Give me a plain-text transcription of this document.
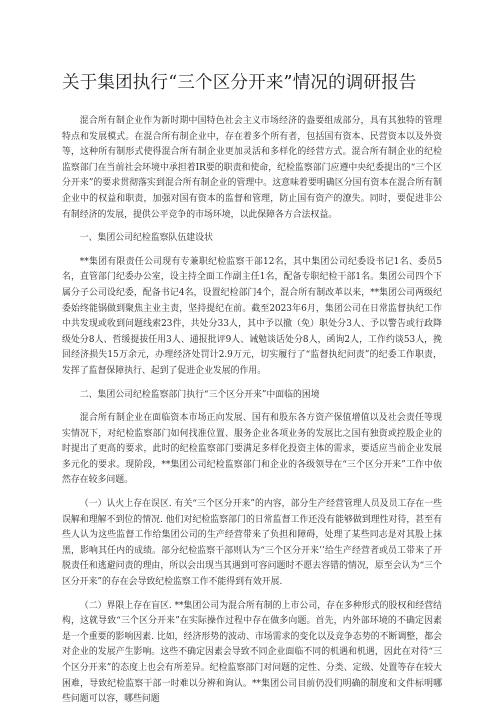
关于集团执行“三个区分开来”情况的调研报告

混合所有制企业作为新时期中国特色社会主义市场经济的盎要组成部分，具有其独特的管理特点和发展模式。在混合所有制企业中，存在着多个所有者，包括国有资本、民营资本以及外资等，这种所有制形式使得混合所有制企业更加灵活和多样化的经营方式。混合所有制企业的纪检监察部门在当前社会环境中承担着IR要的职责和使命，纪检监察部门应遵中央纪委提出的“三个区分开来”的要求贯彻落实到混合所有制企业的管理中。这意味着要明确区分国有资本在混合所有制企业中的权益和职责，加强对国有资本的监督和管理，防止国有资产的潦失。同时，要促进非公有制经济的发展，提供公平竞争的市场环境，以此保障各方合法权益。

一、集团公司纪检监察队伍建设状

**集团有限责任公司现有专兼职纪检监察干部12名，其中集团公司纪委设书记1名、委员5名，直管部门纪委办公室，设主持全面工作副主任1名，配备专职纪检干部1名。集团公司四个下属分子公司设纪委，配备书记4名，设置纪检部门4个，混合所有制改革以来，**集团公司两级纪委始终能锅做到聚焦主业主责，坚持提纪在前。截至2023年6月，集团公司在日常监督执纪工作中共发现或收到问题线索23件，共处分33人，其中予以撤（免）职处分3人、予以警告或行政降级处分8人、哲缓提拔任用3人、通报批评9人、诫勉谈话处分8人，函询2人，工作约谈53人，挽回经济损失15万余元，办理经济处罚计2.9万元，切实履行了“监督执纪问责”的纪委工作职责，发挥了监督保障执行、起到了促进企业发展的作用。

二、集团公司纪检监察部门执行“三个区分开来”中面临的困境

混合所有制企业在面临资本市场正向发展、国有和股东各方资产保值增值以及社会责任等现实情况下，对纪检监察部门如何找准位置、服务企业各项业务的发展比之国有独资或控股企业的时提出了更高的要求，此时的纪检监察部门要满足多样化投资主体的需求，要适应当前企业发展多元化的要求。现阶段，**集团公司纪检监察部门和企业的各级领导在“三个区分开来”工作中依然存在较多问题。

（一）认火上存在误区. 有关“三个区分开来”的内容，部分生产经营管理人员及员工存在一些误解和理解不到位的情况. 他们对纪检监察部门的日常监督工作还没有能够做到理性对待，甚至有些人认为这些监督工作给集团公司的生产经营带来了负担和障碍，处理了某些同志是对其股上抹黑，影响其任内的成绩。部分纪检监察干部则认为“三个区分开来’’给生产经营者或员工带来了开脱责任和逃避问责的理由，所以会出现当其遇到可容问题时不愿去容错的情况，原至会认为“三个区分开来”的存在会导致纪检监察工作不能得到有效开展.

（二）界限上存在盲区. **集团公司为混合所有制的上市公司，存在多种形式的股权和经营结构，这就导致“三个区分开来”在实际操作过程中存在做多向题。首先，内外部环境的不确定因素是一个重要的影响因素. 比如，经济形势的波动、市场需求的变化以及竞争态势的不断调整，都会对企业的发展产生影响。这些不确定因素会导致不同企业面临不同的机遇和机遇，因此在对待“三个区分开来”的态度上也会有所差异。纪检监察部门对问题的定性、分类、定级、处置等存在较大困难，导致纪检监察干部一时难以分辨和询认。**集团公司目前仍没们明确的制度和文件标明哪些问题可以容，哪些问题
